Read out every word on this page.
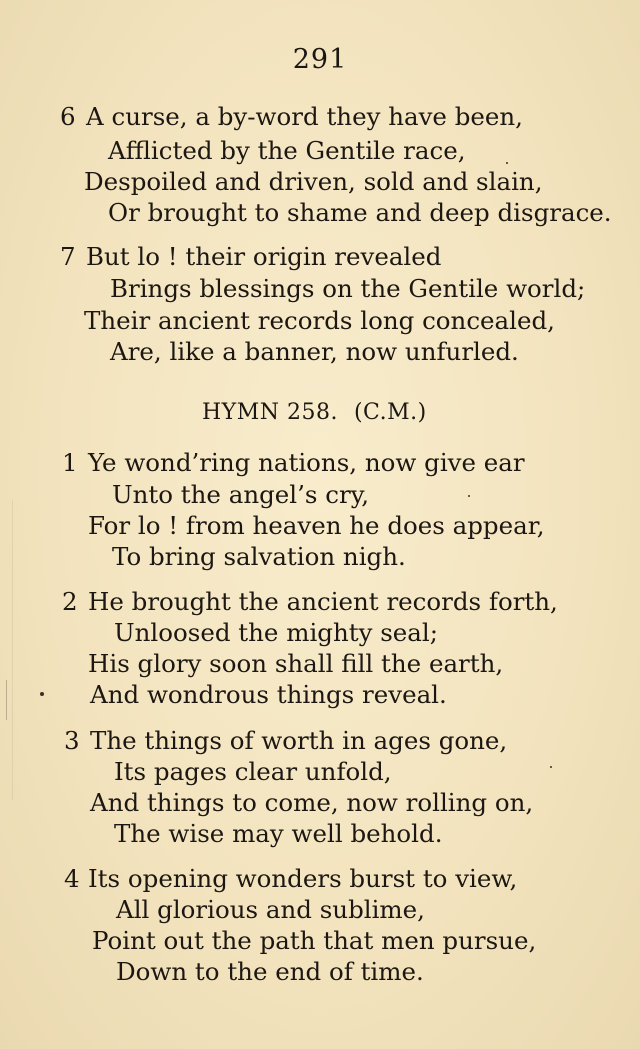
291
6 A curse, a by-word they have been,
Afflicted by the Gentile race,
Despoiled and driven, sold and slain,
Or brought to shame and deep disgrace.
7 But lo ! their origin revealed
Brings blessings on the Gentile world;
Their ancient records long concealed,
Are, like a banner, now unfurled.
HYMN 258. (C.M.)
1 Ye wond’ring nations, now give ear
Unto the angel’s cry,
For lo ! from heaven he does appear,
To bring salvation nigh.
2 He brought the ancient records forth,
Unloosed the mighty seal;
His glory soon shall fill the earth,
And wondrous things reveal.
3 The things of worth in ages gone,
Its pages clear unfold,
And things to come, now rolling on,
The wise may well behold.
4 Its opening wonders burst to view,
All glorious and sublime,
Point out the path that men pursue,
Down to the end of time.
